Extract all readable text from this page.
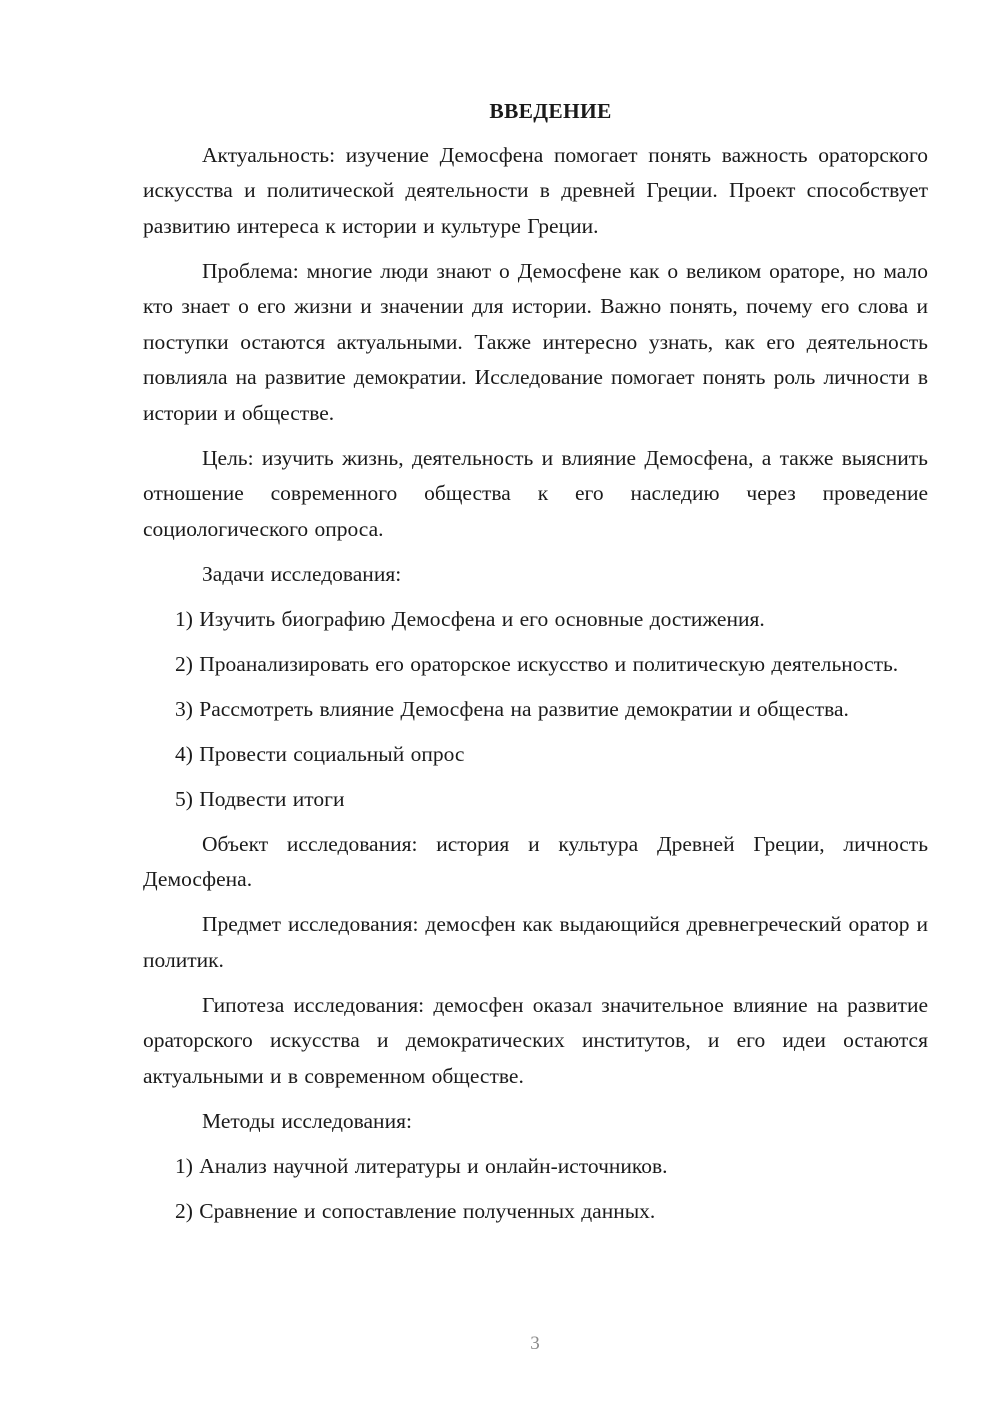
ВВЕДЕНИЕ

Актуальность: изучение Демосфена помогает понять важность ораторского искусства и политической деятельности в древней Греции. Проект способствует развитию интереса к истории и культуре Греции.

Проблема: многие люди знают о Демосфене как о великом ораторе, но мало кто знает о его жизни и значении для истории. Важно понять, почему его слова и поступки остаются актуальными. Также интересно узнать, как его деятельность повлияла на развитие демократии. Исследование помогает понять роль личности в истории и обществе.

Цель: изучить жизнь, деятельность и влияние Демосфена, а также выяснить отношение современного общества к его наследию через проведение социологического опроса.

Задачи исследования:

1) Изучить биографию Демосфена и его основные достижения.

2) Проанализировать его ораторское искусство и политическую деятельность.

3) Рассмотреть влияние Демосфена на развитие демократии и общества.

4) Провести социальный опрос

5) Подвести итоги

Объект исследования: история и культура Древней Греции, личность Демосфена.

Предмет исследования: демосфен как выдающийся древнегреческий оратор и политик.

Гипотеза исследования: демосфен оказал значительное влияние на развитие ораторского искусства и демократических институтов, и его идеи остаются актуальными и в современном обществе.

Методы исследования:

1) Анализ научной литературы и онлайн-источников.

2) Сравнение и сопоставление полученных данных.

3
